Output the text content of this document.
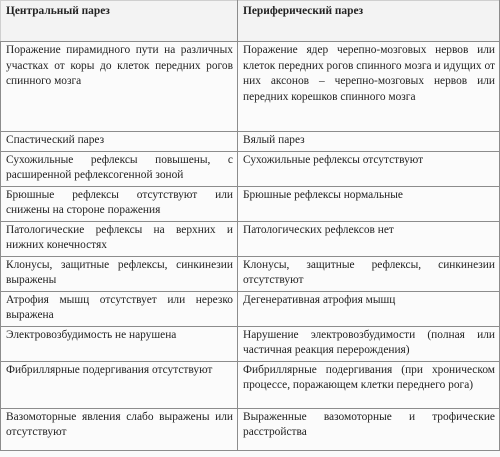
Центральный парез	Периферический парез
Поражение пирамидного пути на различных участках от коры до клеток передних рогов спинного мозга	Поражение ядер черепно-мозговых нервов или клеток передних рогов спинного мозга и идущих от них аксонов – черепно-мозговых нервов или передних корешков спинного мозга
Спастический парез	Вялый парез
Сухожильные рефлексы повышены, с расширенной рефлексогенной зоной	Сухожильные рефлексы отсутствуют
Брюшные рефлексы отсутствуют или снижены на стороне поражения	Брюшные рефлексы нормальные
Патологические рефлексы на верхних и нижних конечностях	Патологических рефлексов нет
Клонусы, защитные рефлексы, синкинезии выражены	Клонусы, защитные рефлексы, синкинезии отсутствуют
Атрофия мышц отсутствует или нерезко выражена	Дегенеративная атрофия мышц
Электровозбудимость не нарушена	Нарушение электровозбудимости (полная или частичная реакция перерождения)
Фибриллярные подергивания отсутствуют	Фибриллярные подергивания (при хроническом процессе, поражающем клетки переднего рога)
Вазомоторные явления слабо выражены или отсутствуют	Выраженные вазомоторные и трофические расстройства
